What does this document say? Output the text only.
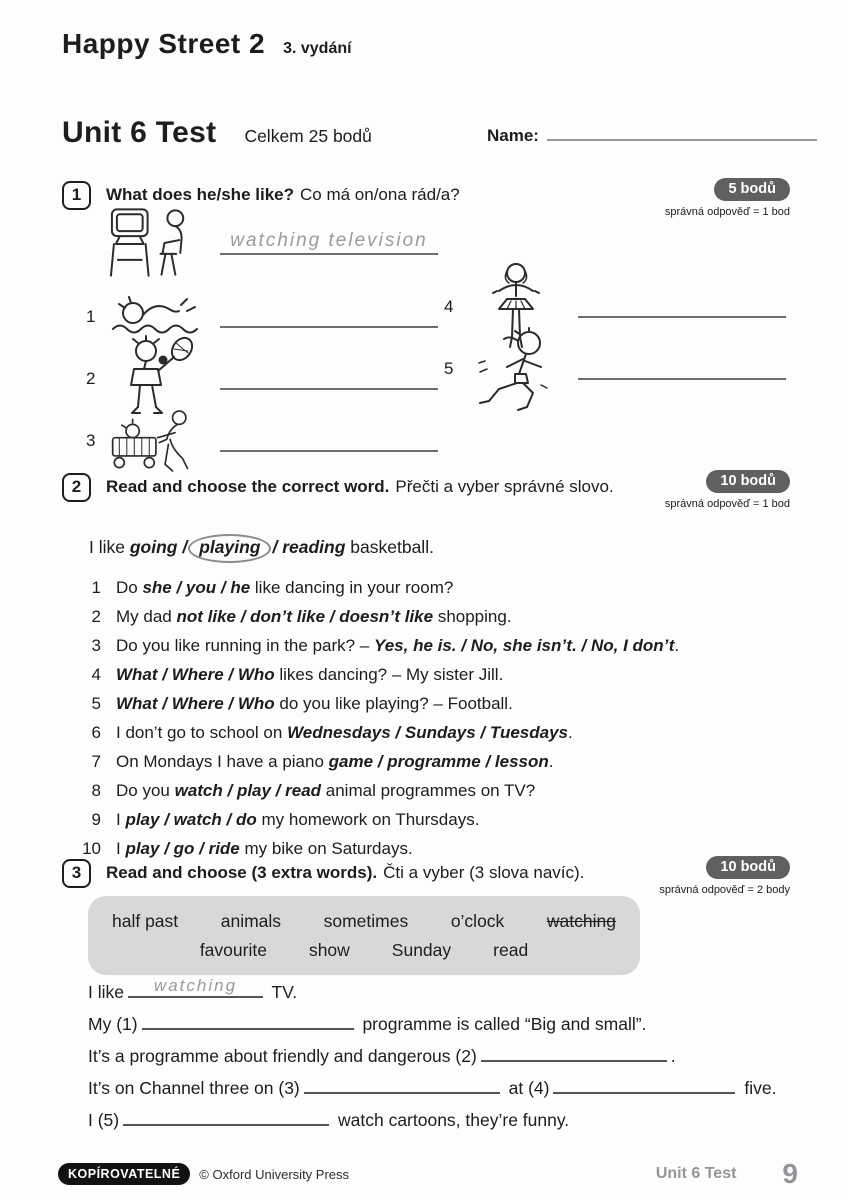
Happy Street 2 3. vydání
Unit 6 Test Celkem 25 bodů	Name:
1	What does he/she like? Co má on/ona rád/a?	5 bodů
správná odpověď = 1 bod
watching television
1
2
3
4
5
2	Read and choose the correct word. Přečti a vyber správné slovo.	10 bodů
správná odpověď = 1 bod
I like going / playing / reading basketball.
1 Do she / you / he like dancing in your room?
2 My dad not like / don’t like / doesn’t like shopping.
3 Do you like running in the park? – Yes, he is. / No, she isn’t. / No, I don’t.
4 What / Where / Who likes dancing? – My sister Jill.
5 What / Where / Who do you like playing? – Football.
6 I don’t go to school on Wednesdays / Sundays / Tuesdays.
7 On Mondays I have a piano game / programme / lesson.
8 Do you watch / play / read animal programmes on TV?
9 I play / watch / do my homework on Thursdays.
10 I play / go / ride my bike on Saturdays.
3	Read and choose (3 extra words). Čti a vyber (3 slova navíc).	10 bodů
správná odpověď = 2 body
half past animals sometimes o’clock watching
favourite show Sunday read
I like	watching	TV.
My (1)	programme is called “Big and small”.
It’s a programme about friendly and dangerous (2)	.
It’s on Channel three on (3)	at (4)	five.
I (5)	watch cartoons, they’re funny.
KOPÍROVATELNÉ	© Oxford University Press	Unit 6 Test 9
